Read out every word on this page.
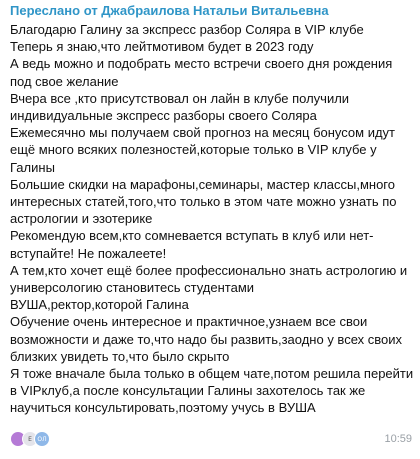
Переслано от Джабраилова Натальи Витальевна
Благодарю Галину за экспресс разбор Соляра в VIP клубе
Теперь я знаю,что лейтмотивом будет в 2023 году
А ведь можно и подобрать место встречи своего дня рождения под свое желание
Вчера все ,кто присутствовал он лайн в клубе получили индивидуальные экспресс разборы своего Соляра
Ежемесячно мы получаем свой прогноз на месяц бонусом идут ещё много всяких полезностей,которые только в VIP клубе у Галины
Большие скидки на марафоны,семинары, мастер классы,много интересных статей,того,что только в этом чате можно узнать по астрологии и эзотерике
Рекомендую всем,кто сомневается вступать в клуб или нет- вступайте! Не пожалеете!
А тем,кто хочет ещё более профессионально знать астрологию и универсологию становитесь студентами
ВУША,ректор,которой Галина
Обучение очень интересное и практичное,узнаем все свои возможности и даже то,что надо бы развить,заодно у всех своих близких увидеть то,что было скрыто
Я тоже вначале была только в общем чате,потом решила перейти в VIPклуб,а после консультации Галины захотелось так же научиться консультировать,поэтому учусь в ВУША
Е ОЛ	10:59
